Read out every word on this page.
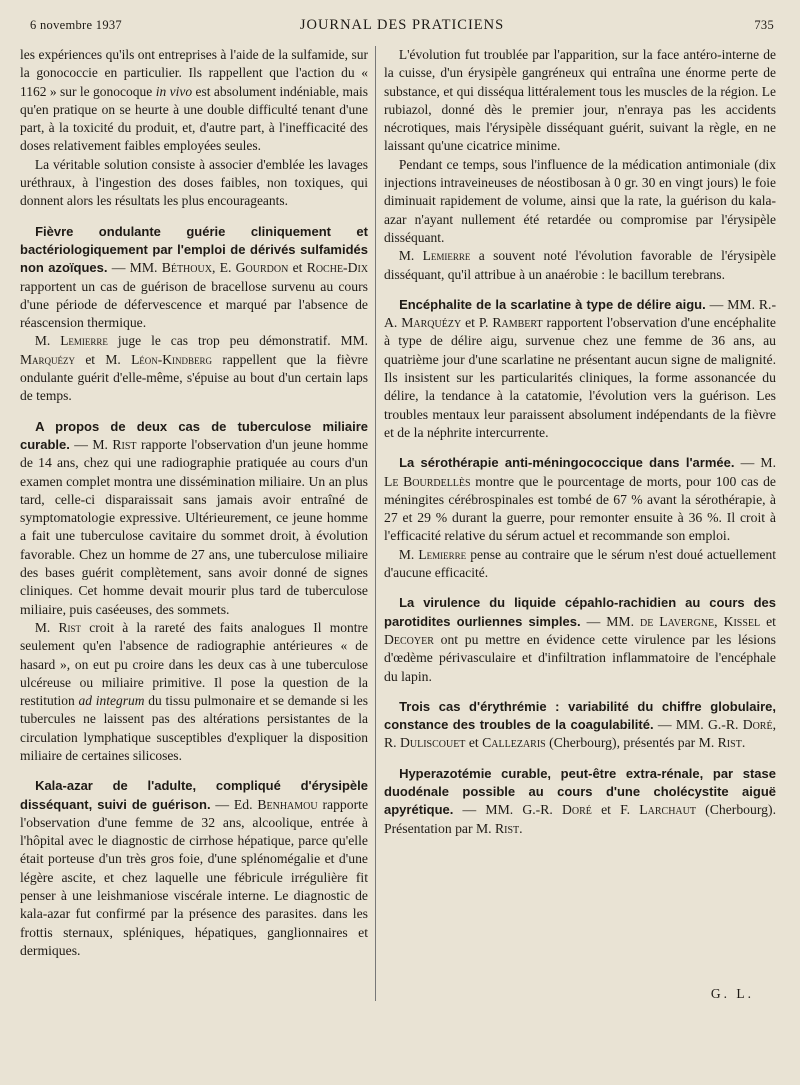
6 novembre 1937	JOURNAL DES PRATICIENS	735

les expériences qu'ils ont entreprises à l'aide de la sulfamide, sur la gonococcie en particulier. Ils rappellent que l'action du « 1162 » sur le gonocoque in vivo est absolument indéniable, mais qu'en pratique on se heurte à une double difficulté tenant d'une part, à la toxicité du produit, et, d'autre part, à l'inefficacité des doses relativement faibles employées seules.

La véritable solution consiste à associer d'emblée les lavages uréthraux, à l'ingestion des doses faibles, non toxiques, qui donnent alors les résultats les plus encourageants.

Fièvre ondulante guérie cliniquement et bactériologiquement par l'emploi de dérivés sulfamidés non azoïques. — MM. Béthoux, E. Gourdon et Roche-Dix rapportent un cas de guérison de bracellose survenu au cours d'une période de défervescence et marqué par l'absence de réascension thermique.

M. Lemierre juge le cas trop peu démonstratif. MM. Marquézy et M. Léon-Kindberg rappellent que la fièvre ondulante guérit d'elle-même, s'épuise au bout d'un certain laps de temps.

A propos de deux cas de tuberculose miliaire curable. — M. Rist rapporte l'observation d'un jeune homme de 14 ans, chez qui une radiographie pratiquée au cours d'un examen complet montra une dissémination miliaire. Un an plus tard, celle-ci disparaissait sans jamais avoir entraîné de symptomatologie expressive. Ultérieurement, ce jeune homme a fait une tuberculose cavitaire du sommet droit, à évolution favorable. Chez un homme de 27 ans, une tuberculose miliaire des bases guérit complètement, sans avoir donné de signes cliniques. Cet homme devait mourir plus tard de tuberculose miliaire, puis caséeuses, des sommets.

M. Rist croit à la rareté des faits analogues Il montre seulement qu'en l'absence de radiographie antérieures « de hasard », on eut pu croire dans les deux cas à une tuberculose ulcéreuse ou miliaire primitive. Il pose la question de la restitution ad integrum du tissu pulmonaire et se demande si les tubercules ne laissent pas des altérations persistantes de la circulation lymphatique susceptibles d'expliquer la disposition miliaire de certaines silicoses.

Kala-azar de l'adulte, compliqué d'érysipèle disséquant, suivi de guérison. — Ed. Benhamou rapporte l'observation d'une femme de 32 ans, alcoolique, entrée à l'hôpital avec le diagnostic de cirrhose hépatique, parce qu'elle était porteuse d'un très gros foie, d'une splénomégalie et d'une légère ascite, et chez laquelle une fébricule irrégulière fit penser à une leishmaniose viscérale interne. Le diagnostic de kala-azar fut confirmé par la présence des parasites. dans les frottis sternaux, spléniques, hépatiques, ganglionnaires et dermiques.

L'évolution fut troublée par l'apparition, sur la face antéro-interne de la cuisse, d'un érysipèle gangréneux qui entraîna une énorme perte de substance, et qui disséqua littéralement tous les muscles de la région. Le rubiazol, donné dès le premier jour, n'enraya pas les accidents nécrotiques, mais l'érysipèle disséquant guérit, suivant la règle, en ne laissant qu'une cicatrice minime.

Pendant ce temps, sous l'influence de la médication antimoniale (dix injections intraveineuses de néostibosan à 0 gr. 30 en vingt jours) le foie diminuait rapidement de volume, ainsi que la rate, la guérison du kala-azar n'ayant nullement été retardée ou compromise par l'érysipèle disséquant.

M. Lemierre a souvent noté l'évolution favorable de l'érysipèle disséquant, qu'il attribue à un anaérobie : le bacillum terebrans.

Encéphalite de la scarlatine à type de délire aigu. — MM. R.-A. Marquézy et P. Rambert rapportent l'observation d'une encéphalite à type de délire aigu, survenue chez une femme de 36 ans, au quatrième jour d'une scarlatine ne présentant aucun signe de malignité. Ils insistent sur les particularités cliniques, la forme assonancée du délire, la tendance à la catatomie, l'évolution vers la guérison. Les troubles mentaux leur paraissent absolument indépendants de la fièvre et de la néphrite intercurrente.
La sérothérapie anti-méningococcique dans l'armée. — M. Le Bourdellès montre que le pourcentage de morts, pour 100 cas de méningites cérébrospinales est tombé de 67 % avant la sérothérapie, à 27 et 29 % durant la guerre, pour remonter ensuite à 36 %. Il croit à l'efficacité relative du sérum actuel et recommande son emploi.

M. Lemierre pense au contraire que le sérum n'est doué actuellement d'aucune efficacité.

La virulence du liquide cépahlo-rachidien au cours des parotidites ourliennes simples. — MM. de Lavergne, Kissel et Decoyer ont pu mettre en évidence cette virulence par les lésions d'œdème périvasculaire et d'infiltration inflammatoire de l'encéphale du lapin.
Trois cas d'érythrémie : variabilité du chiffre globulaire, constance des troubles de la coagulabilité. — MM. G.-R. Doré, R. Duliscouet et Callezaris (Cherbourg), présentés par M. Rist.
Hyperazotémie curable, peut-être extra-rénale, par stase duodénale possible au cours d'une cholécystite aiguë apyrétique. — MM. G.-R. Doré et F. Larchaut (Cherbourg). Présentation par M. Rist.
G. L.
